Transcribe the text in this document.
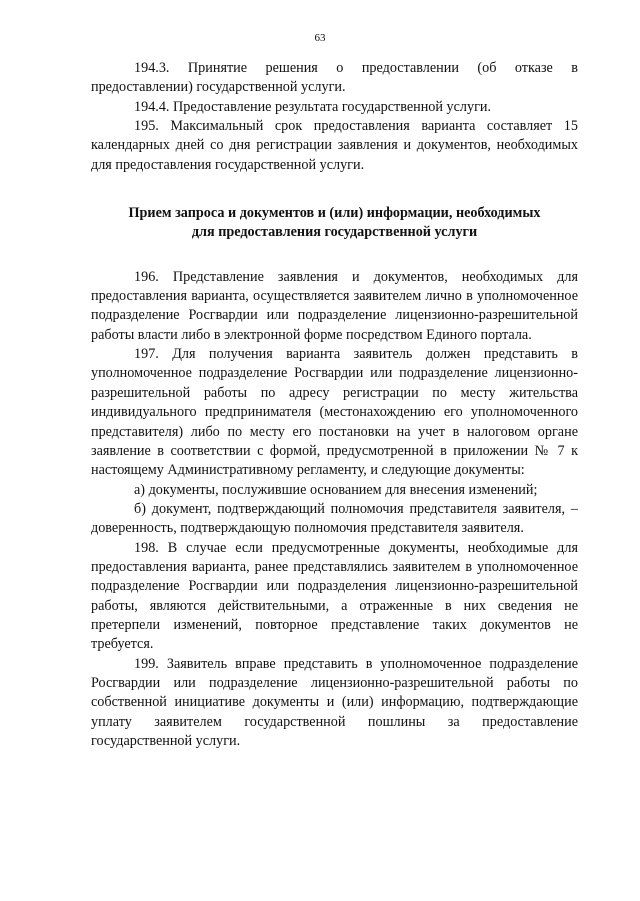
63

194.3. Принятие решения о предоставлении (об отказе в предоставлении) государственной услуги.

194.4. Предоставление результата государственной услуги.

195. Максимальный срок предоставления варианта составляет 15 календарных дней со дня регистрации заявления и документов, необходимых для предоставления государственной услуги.

Прием запроса и документов и (или) информации, необходимых
для предоставления государственной услуги

196. Представление заявления и документов, необходимых для предоставления варианта, осуществляется заявителем лично в уполномоченное подразделение Росгвардии или подразделение лицензионно-разрешительной работы власти либо в электронной форме посредством Единого портала.

197. Для получения варианта заявитель должен представить в уполномоченное подразделение Росгвардии или подразделение лицензионно-разрешительной работы по адресу регистрации по месту жительства индивидуального предпринимателя (местонахождению его уполномоченного представителя) либо по месту его постановки на учет в налоговом органе заявление в соответствии с формой, предусмотренной в приложении № 7 к настоящему Административному регламенту, и следующие документы:

а) документы, послужившие основанием для внесения изменений;

б) документ, подтверждающий полномочия представителя заявителя, – доверенность, подтверждающую полномочия представителя заявителя.

198. В случае если предусмотренные документы, необходимые для предоставления варианта, ранее представлялись заявителем в уполномоченное подразделение Росгвардии или подразделения лицензионно-разрешительной работы, являются действительными, а отраженные в них сведения не претерпели изменений, повторное представление таких документов не требуется.

199. Заявитель вправе представить в уполномоченное подразделение Росгвардии или подразделение лицензионно-разрешительной работы по собственной инициативе документы и (или) информацию, подтверждающие уплату заявителем государственной пошлины за предоставление государственной услуги.
